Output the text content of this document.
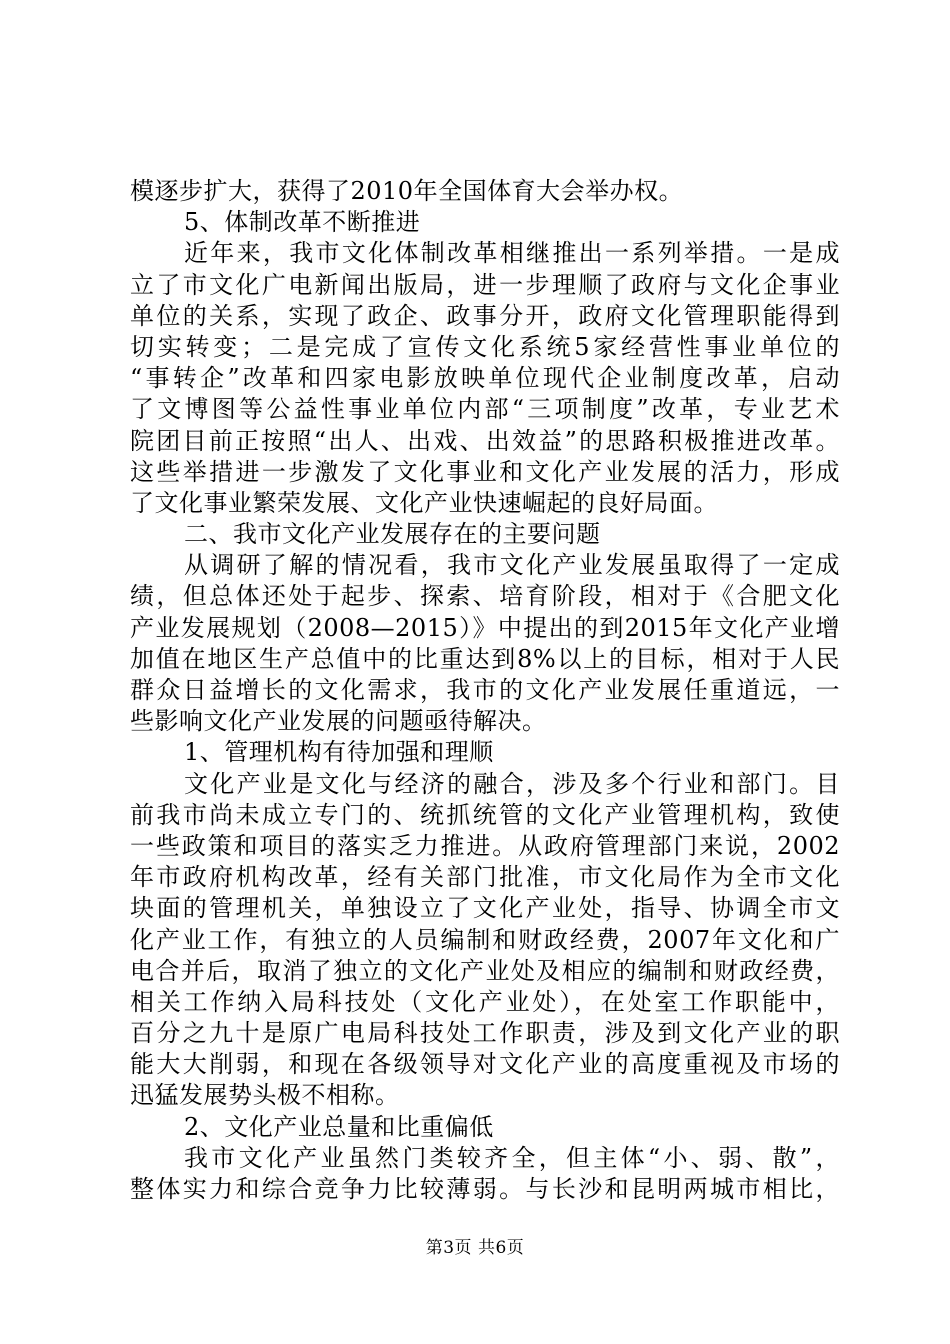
模逐步扩大，获得了2010年全国体育大会举办权。
5、体制改革不断推进
近年来，我市文化体制改革相继推出一系列举措。一是成
立了市文化广电新闻出版局，进一步理顺了政府与文化企事业
单位的关系，实现了政企、政事分开，政府文化管理职能得到
切实转变；二是完成了宣传文化系统5家经营性事业单位的
“事转企”改革和四家电影放映单位现代企业制度改革，启动
了文博图等公益性事业单位内部“三项制度”改革，专业艺术
院团目前正按照“出人、出戏、出效益”的思路积极推进改革。
这些举措进一步激发了文化事业和文化产业发展的活力，形成
了文化事业繁荣发展、文化产业快速崛起的良好局面。
二、我市文化产业发展存在的主要问题
从调研了解的情况看，我市文化产业发展虽取得了一定成
绩，但总体还处于起步、探索、培育阶段，相对于《合肥文化
产业发展规划（2008—2015）》中提出的到2015年文化产业增
加值在地区生产总值中的比重达到8%以上的目标，相对于人民
群众日益增长的文化需求，我市的文化产业发展任重道远，一
些影响文化产业发展的问题亟待解决。
1、管理机构有待加强和理顺
文化产业是文化与经济的融合，涉及多个行业和部门。目
前我市尚未成立专门的、统抓统管的文化产业管理机构，致使
一些政策和项目的落实乏力推进。从政府管理部门来说，2002
年市政府机构改革，经有关部门批准，市文化局作为全市文化
块面的管理机关，单独设立了文化产业处，指导、协调全市文
化产业工作，有独立的人员编制和财政经费，2007年文化和广
电合并后，取消了独立的文化产业处及相应的编制和财政经费，
相关工作纳入局科技处（文化产业处），在处室工作职能中，
百分之九十是原广电局科技处工作职责，涉及到文化产业的职
能大大削弱，和现在各级领导对文化产业的高度重视及市场的
迅猛发展势头极不相称。
2、文化产业总量和比重偏低
我市文化产业虽然门类较齐全，但主体“小、弱、散”，
整体实力和综合竞争力比较薄弱。与长沙和昆明两城市相比，
第3页 共6页
